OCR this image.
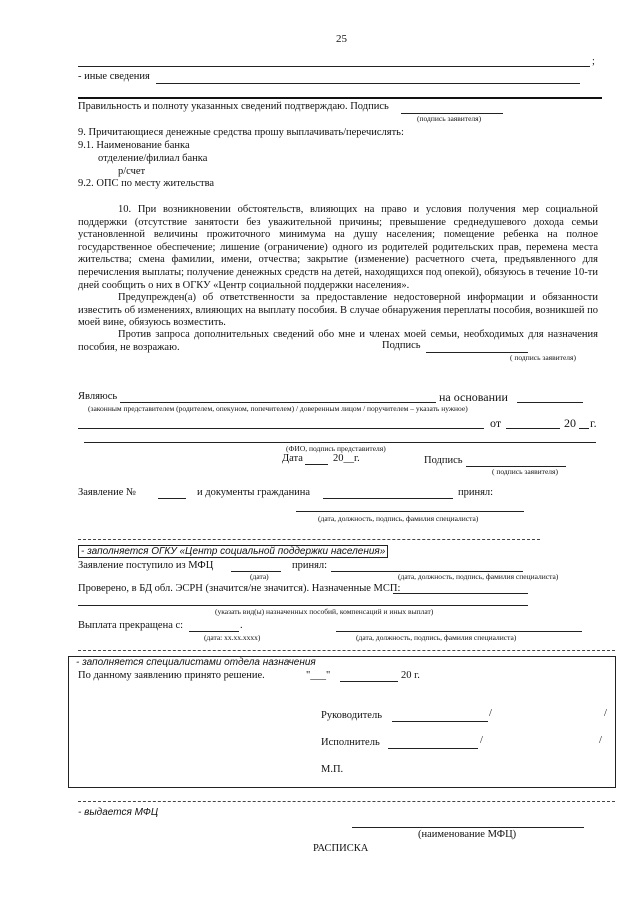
25
;
- иные сведения
Правильность и полноту указанных сведений подтверждаю. Подпись
(подпись заявителя)
9. Причитающиеся денежные средства прошу выплачивать/перечислять:
9.1. Наименование банка
отделение/филиал банка
р/счет
9.2. ОПС по месту жительства
10. При возникновении обстоятельств, влияющих на право и условия получения мер социальной поддержки (отсутствие занятости без уважительной причины; превышение среднедушевого дохода семьи установленной величины прожиточного минимума на душу населения; помещение ребенка на полное государственное обеспечение; лишение (ограничение) одного из родителей родительских прав, перемена места жительства; смена фамилии, имени, отчества; закрытие (изменение) расчетного счета, предъявленного для перечисления выплаты; получение денежных средств на детей, находящихся под опекой), обязуюсь в течение 10-ти дней сообщить о них в ОГКУ «Центр социальной поддержки населения».
Предупрежден(а) об ответственности за предоставление недостоверной информации и обязанности известить об изменениях, влияющих на выплату пособия. В случае обнаружения переплаты пособия, возникшей по моей вине, обязуюсь возместить.
Против запроса дополнительных сведений обо мне и членах моей семьи, необходимых для назначения пособия, не возражаю.	Подпись
( подпись заявителя)
Являюсь	на основании
(законным представителем (родителем, опекуном, попечителем) / доверенным лицом / поручителем – указать нужное)
от	20 г.
(ФИО, подпись представителя)
Дата	20__г.	Подпись
( подпись заявителя)
Заявление №	и документы гражданина	принял:
(дата, должность, подпись, фамилия специалиста)
- заполняется ОГКУ «Центр социальной поддержки населения»
Заявление поступило из МФЦ	принял:
(дата)	(дата, должность, подпись, фамилия специалиста)
Проверено, в БД обл. ЭСРН (значится/не значится). Назначенные МСП:
(указать вид(ы) назначенных пособий, компенсаций и иных выплат)
Выплата прекращена с:	.
(дата: хх.хх.хххх)	(дата, должность, подпись, фамилия специалиста)
- заполняется специалистами отдела назначения
По данному заявлению принято решение.	"___"	20 г.
Руководитель	/	/
Исполнитель	/	/
М.П.
- выдается МФЦ
(наименование МФЦ)
РАСПИСКА
